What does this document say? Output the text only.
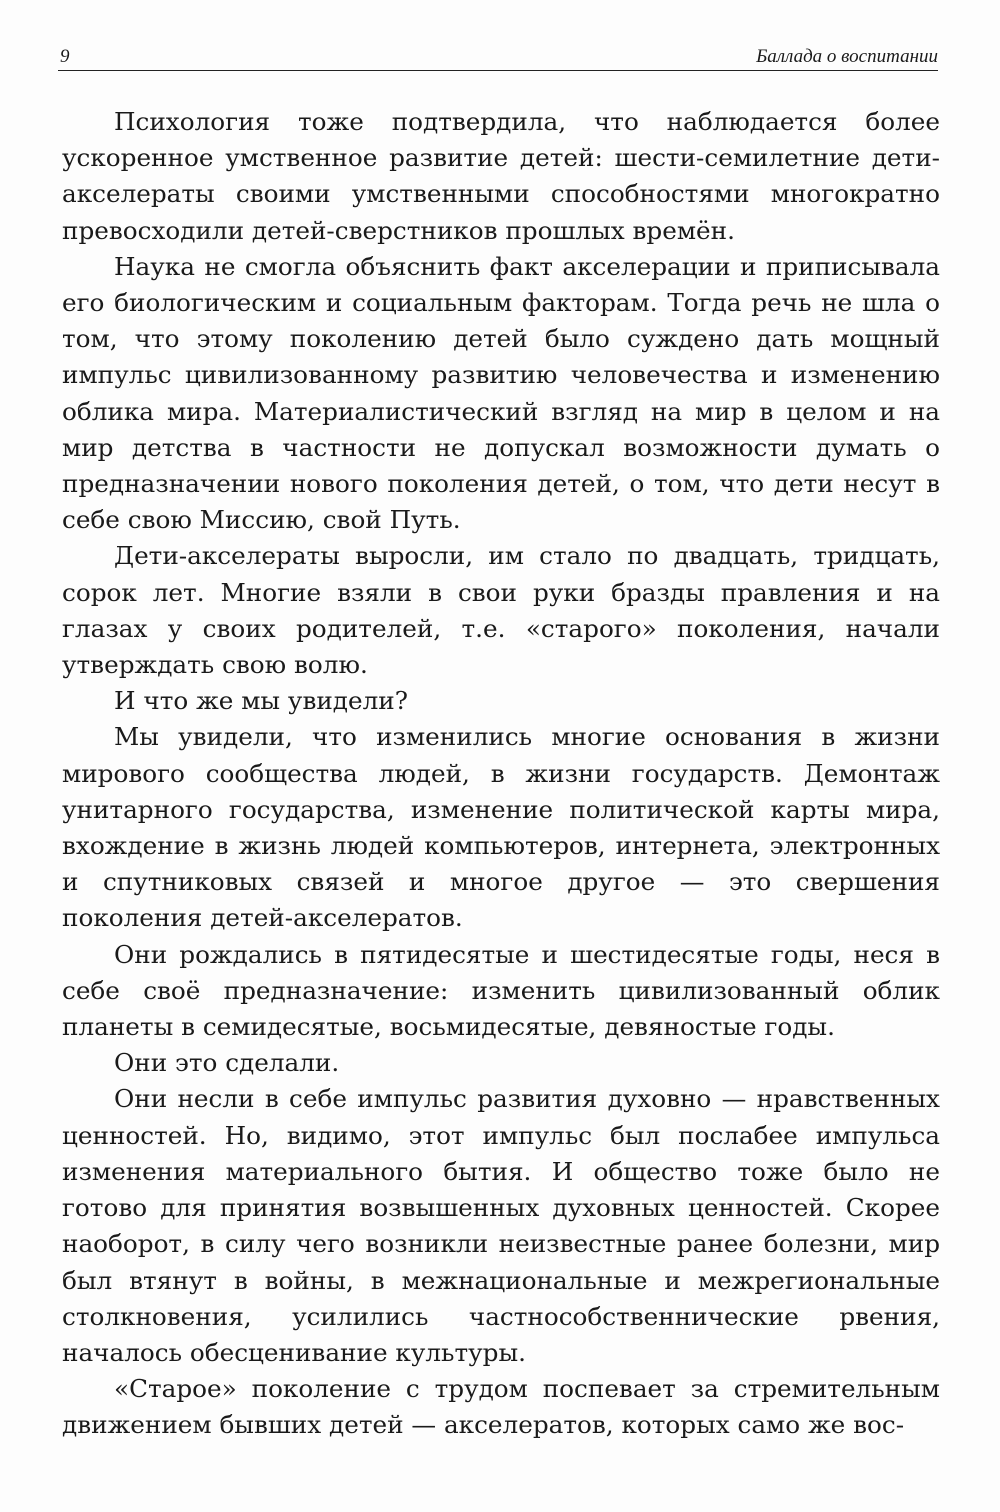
9	Баллада о воспитании

Психология тоже подтвердила, что наблюдается более ускоренное умственное развитие детей: шести-семилетние дети-акселераты своими умственными способностями многократно превосходили детей-сверстников прошлых времён.

Наука не смогла объяснить факт акселерации и приписывала его биологическим и социальным факторам. Тогда речь не шла о том, что этому поколению детей было суждено дать мощный импульс цивилизованному развитию человечества и изменению облика мира. Материалистический взгляд на мир в целом и на мир детства в частности не допускал возможности думать о предназначении нового поколения детей, о том, что дети несут в себе свою Миссию, свой Путь.

Дети-акселераты выросли, им стало по двадцать, тридцать, сорок лет. Многие взяли в свои руки бразды правления и на глазах у своих родителей, т.е. «старого» поколения, начали утверждать свою волю.

И что же мы увидели?

Мы увидели, что изменились многие основания в жизни мирового сообщества людей, в жизни государств. Демонтаж унитарного государства, изменение политической карты мира, вхождение в жизнь людей компьютеров, интернета, электронных и спутниковых связей и многое другое — это свершения поколения детей-акселератов.

Они рождались в пятидесятые и шестидесятые годы, неся в себе своё предназначение: изменить цивилизованный облик планеты в семидесятые, восьмидесятые, девяностые годы.

Они это сделали.

Они несли в себе импульс развития духовно — нравственных ценностей. Но, видимо, этот импульс был послабее импульса изменения материального бытия. И общество тоже было не готово для принятия возвышенных духовных ценностей. Скорее наоборот, в силу чего возникли неизвестные ранее болезни, мир был втянут в войны, в межнациональные и межрегиональные столкновения, усилились частнособственнические рвения, началось обесценивание культуры.

«Старое» поколение с трудом поспевает за стремительным движением бывших детей — акселератов, которых само же вос-
